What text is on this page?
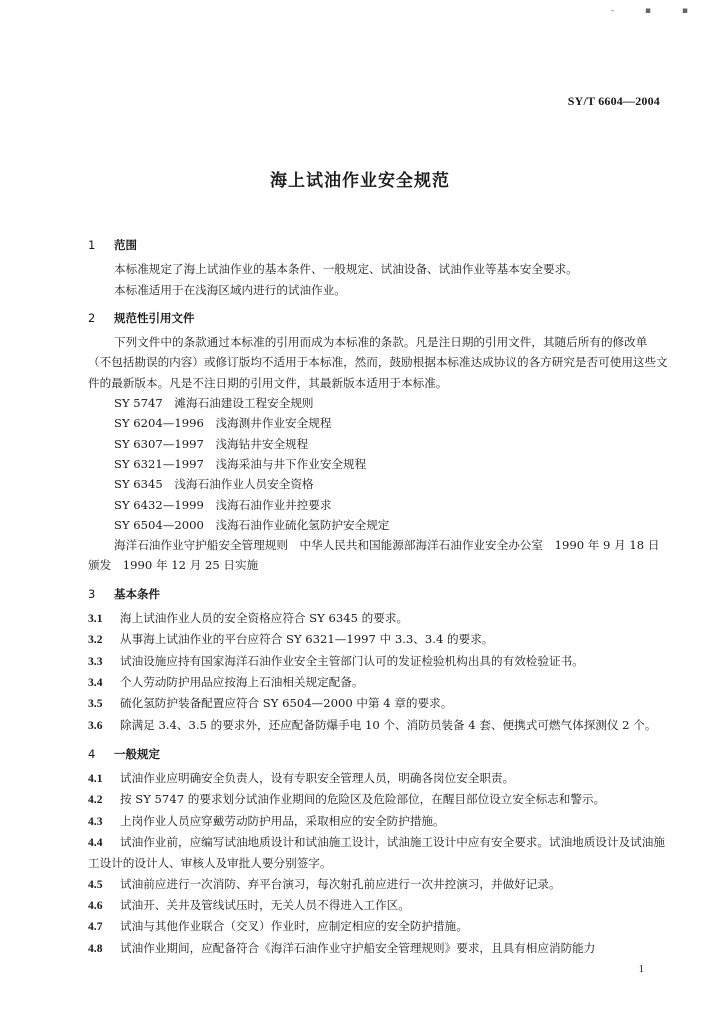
- ▪ ▪
SY/T 6604—2004
海上试油作业安全规范
1 范围
本标准规定了海上试油作业的基本条件、一般规定、试油设备、试油作业等基本安全要求。
本标准适用于在浅海区域内进行的试油作业。
2 规范性引用文件
下列文件中的条款通过本标准的引用而成为本标准的条款。凡是注日期的引用文件，其随后所有的修改单（不包括勘误的内容）或修订版均不适用于本标准，然而，鼓励根据本标准达成协议的各方研究是否可使用这些文件的最新版本。凡是不注日期的引用文件，其最新版本适用于本标准。
SY 5747　滩海石油建设工程安全规则
SY 6204—1996　浅海测井作业安全规程
SY 6307—1997　浅海钻井安全规程
SY 6321—1997　浅海采油与井下作业安全规程
SY 6345　浅海石油作业人员安全资格
SY 6432—1999　浅海石油作业井控要求
SY 6504—2000　浅海石油作业硫化氢防护安全规定
海洋石油作业守护船安全管理规则　中华人民共和国能源部海洋石油作业安全办公室　1990 年 9 月 18 日颁发　1990 年 12 月 25 日实施
3 基本条件
3.1 海上试油作业人员的安全资格应符合 SY 6345 的要求。
3.2 从事海上试油作业的平台应符合 SY 6321—1997 中 3.3、3.4 的要求。
3.3 试油设施应持有国家海洋石油作业安全主管部门认可的发证检验机构出具的有效检验证书。
3.4 个人劳动防护用品应按海上石油相关规定配备。
3.5 硫化氢防护装备配置应符合 SY 6504—2000 中第 4 章的要求。
3.6 除满足 3.4、3.5 的要求外，还应配备防爆手电 10 个、消防员装备 4 套、便携式可燃气体探测仪 2 个。
4 一般规定
4.1 试油作业应明确安全负责人，设有专职安全管理人员，明确各岗位安全职责。
4.2 按 SY 5747 的要求划分试油作业期间的危险区及危险部位，在醒目部位设立安全标志和警示。
4.3 上岗作业人员应穿戴劳动防护用品，采取相应的安全防护措施。
4.4 试油作业前，应编写试油地质设计和试油施工设计，试油施工设计中应有安全要求。试油地质设计及试油施工设计的设计人、审核人及审批人要分别签字。
4.5 试油前应进行一次消防、弃平台演习，每次射孔前应进行一次井控演习，并做好记录。
4.6 试油开、关井及管线试压时，无关人员不得进入工作区。
4.7 试油与其他作业联合（交叉）作业时，应制定相应的安全防护措施。
4.8 试油作业期间，应配备符合《海洋石油作业守护船安全管理规则》要求，且具有相应消防能力
1
